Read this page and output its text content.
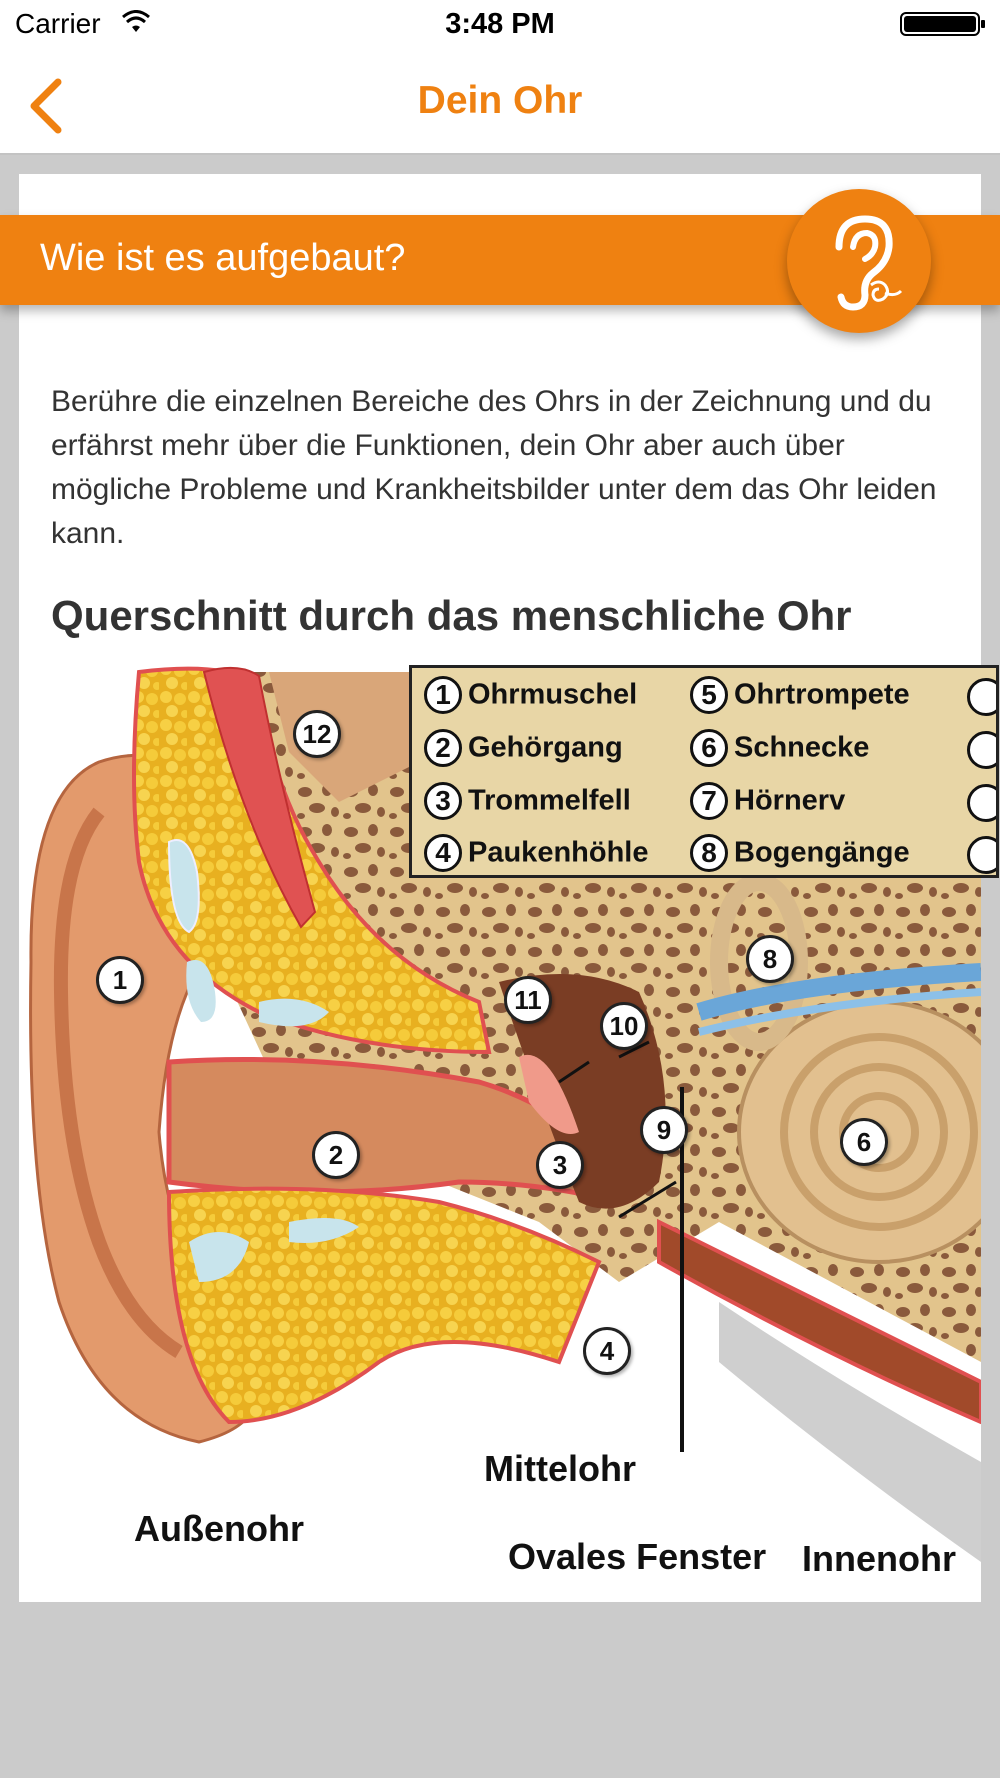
Carrier	3:48 PM
Dein Ohr
Wie ist es aufgebaut?
Berühre die einzelnen Bereiche des Ohrs in der Zeichnung und du erfährst mehr über die Funktionen, dein Ohr aber auch über mögliche Probleme und Krankheitsbilder unter dem das Ohr leiden kann.
Querschnitt durch das menschliche Ohr
1 Ohrmuschel
2 Gehörgang
3 Trommelfell
4 Paukenhöhle
5 Ohrtrompete
6 Schnecke
7 Hörnerv
8 Bogengänge
1
2	3
4
6
8
9
10
11
12
Außenohr
Mittelohr
Ovales Fenster Innenohr
